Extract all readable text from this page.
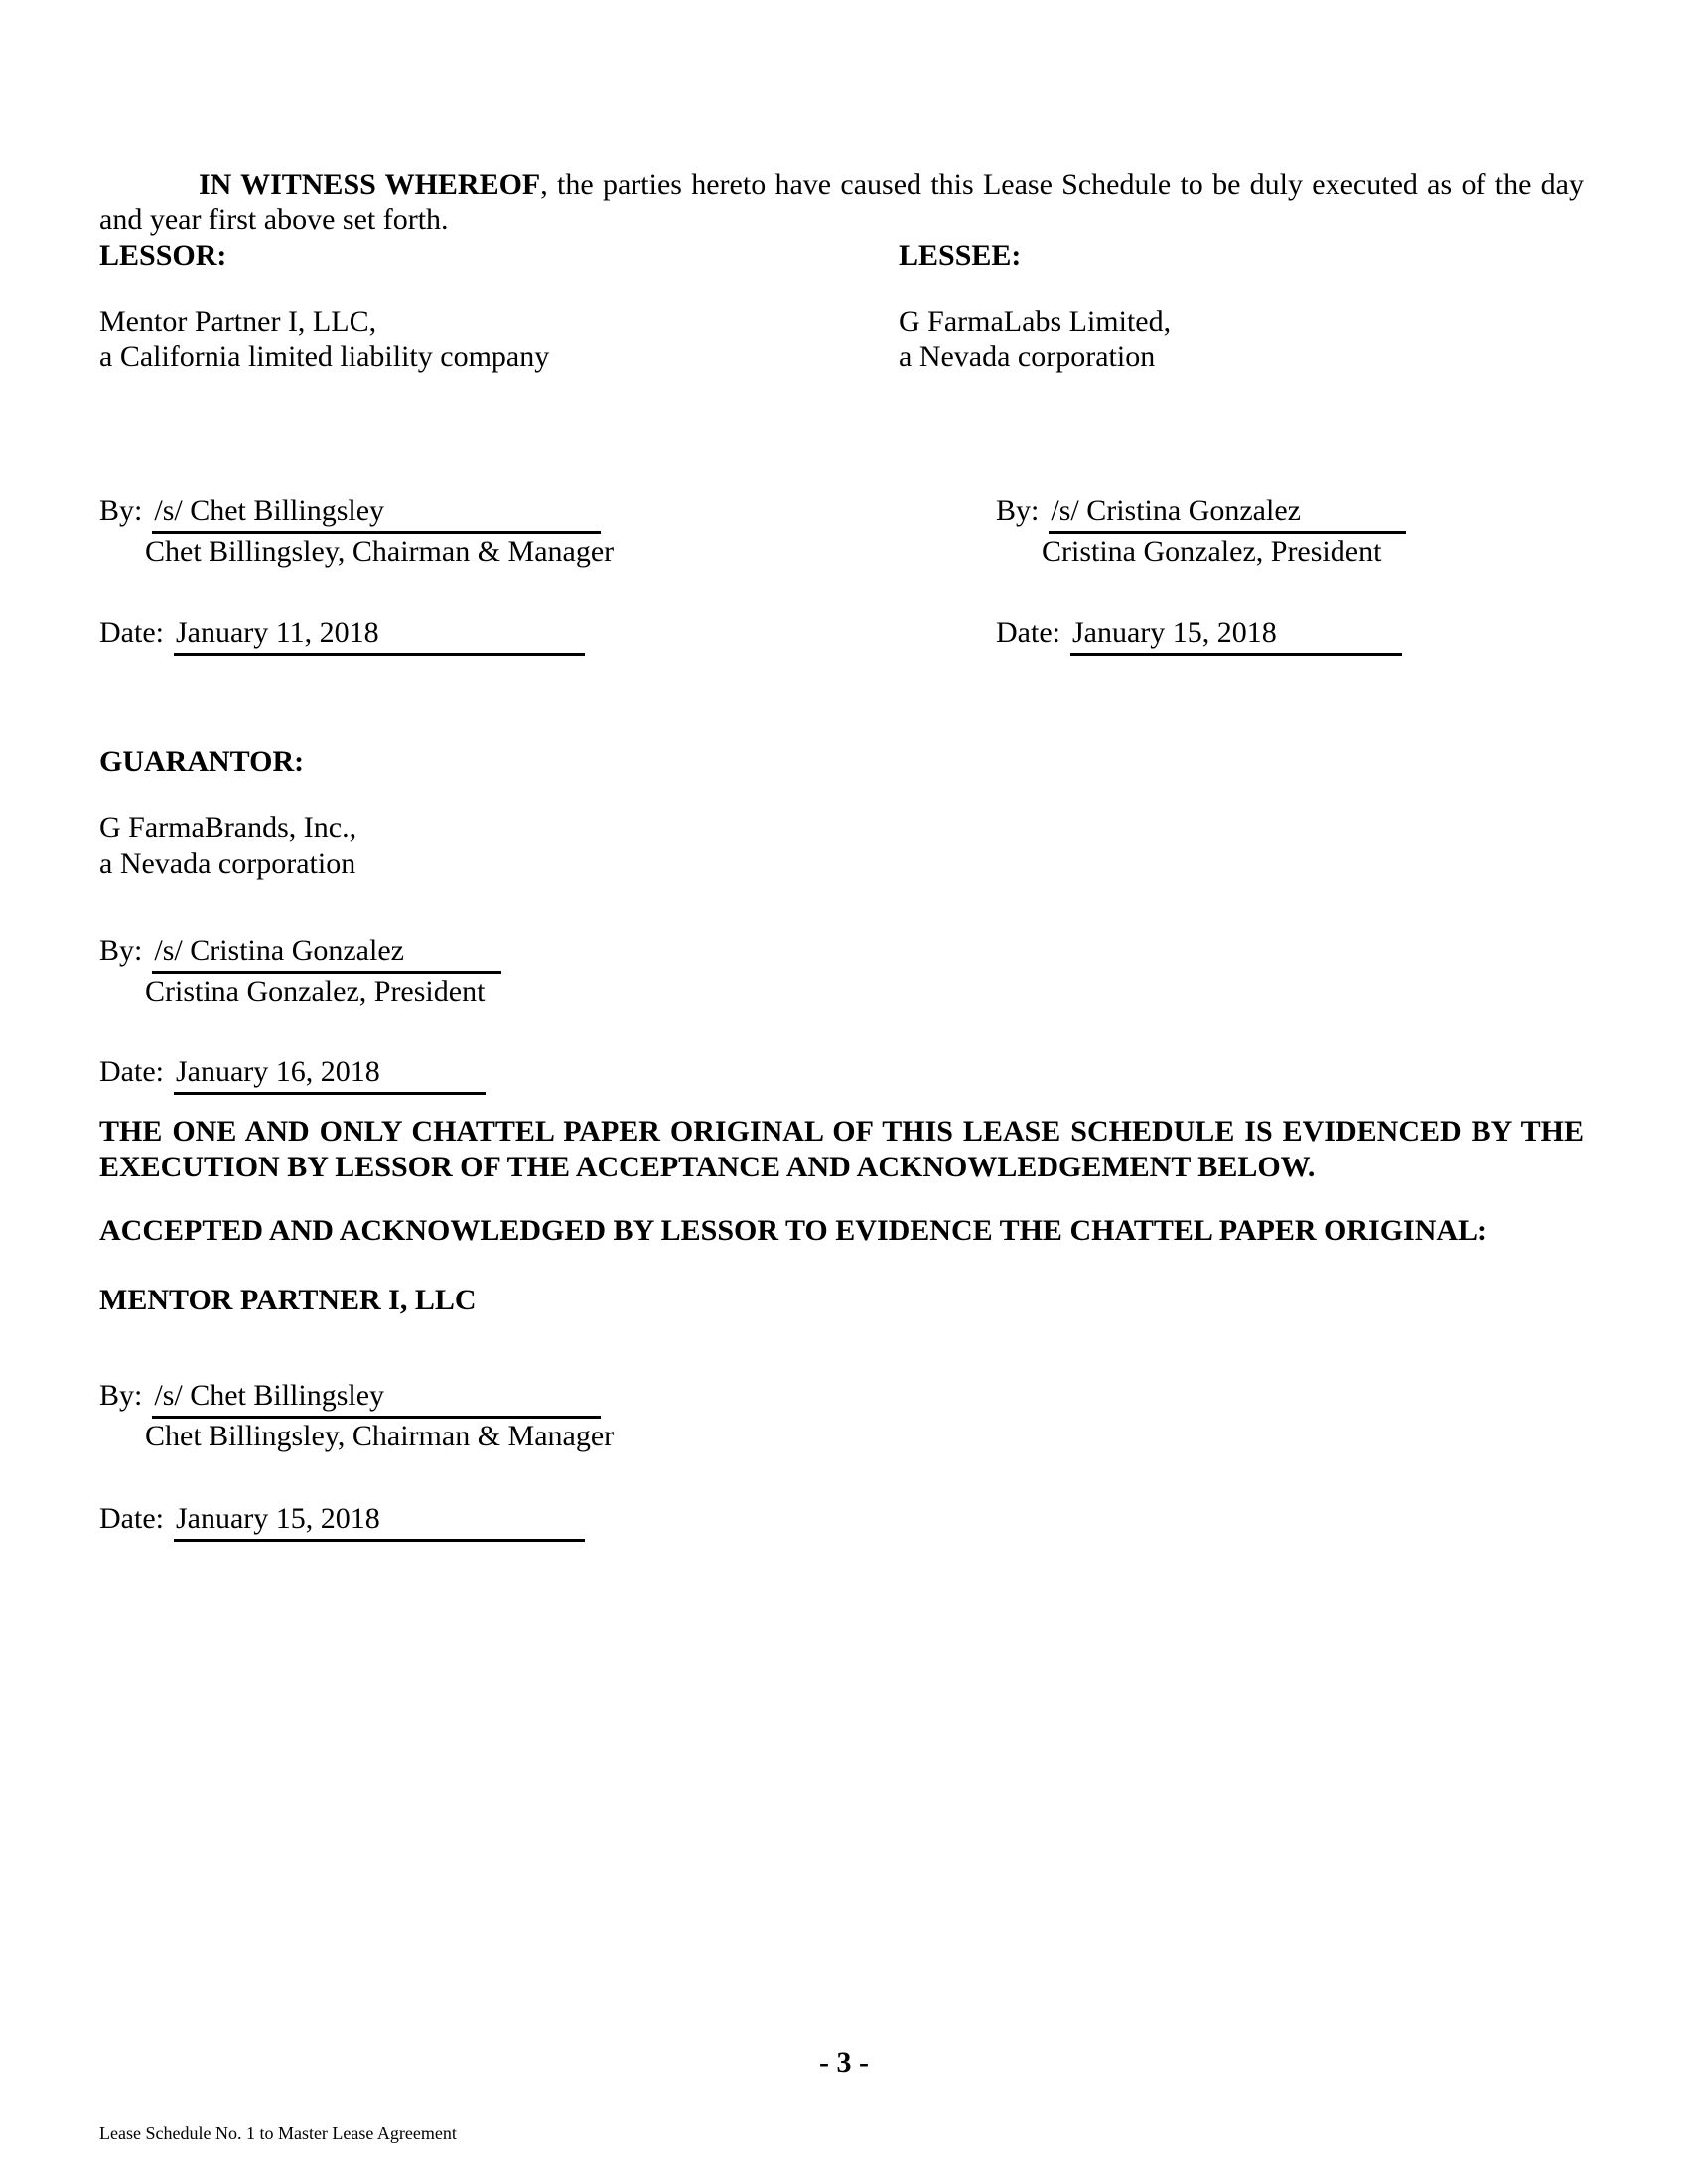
IN WITNESS WHEREOF, the parties hereto have caused this Lease Schedule to be duly executed as of the day and year first above set forth.

LESSOR:	LESSEE:
Mentor Partner I, LLC,
a California limited liability company
G FarmaLabs Limited,
a Nevada corporation
By: /s/ Chet Billingsley
Chet Billingsley, Chairman & Manager
By: /s/ Cristina Gonzalez
Cristina Gonzalez, President
Date: January 11, 2018	Date: January 15, 2018
GUARANTOR:
G FarmaBrands, Inc.,
a Nevada corporation
By: /s/ Cristina Gonzalez
Cristina Gonzalez, President
Date: January 16, 2018

THE ONE AND ONLY CHATTEL PAPER ORIGINAL OF THIS LEASE SCHEDULE IS EVIDENCED BY THE EXECUTION BY LESSOR OF THE ACCEPTANCE AND ACKNOWLEDGEMENT BELOW.

ACCEPTED AND ACKNOWLEDGED BY LESSOR TO EVIDENCE THE CHATTEL PAPER ORIGINAL:
MENTOR PARTNER I, LLC
By: /s/ Chet Billingsley
Chet Billingsley, Chairman & Manager
Date: January 15, 2018
- 3 -
Lease Schedule No. 1 to Master Lease Agreement
